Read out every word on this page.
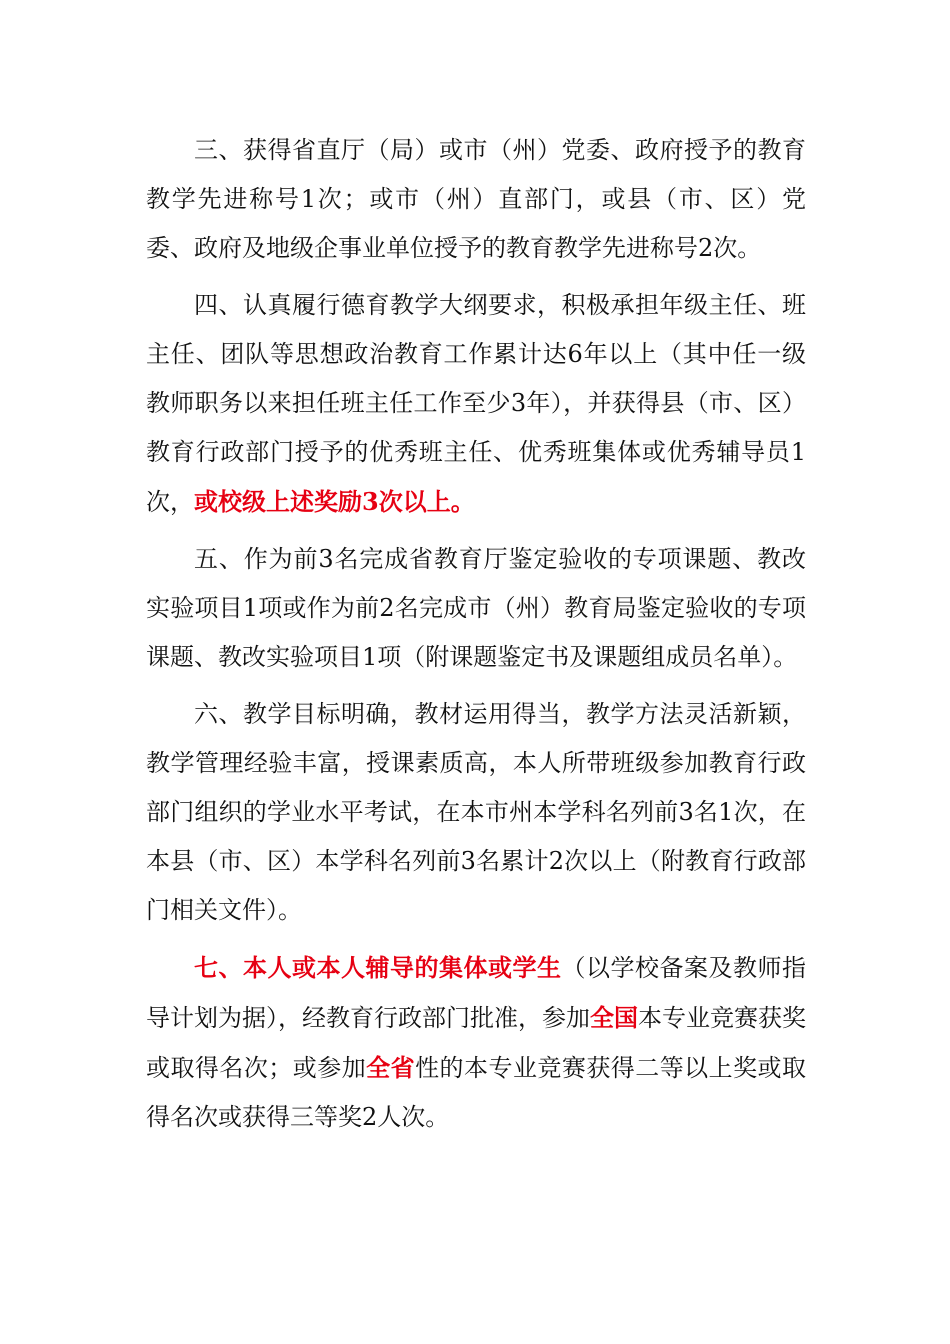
三、获得省直厅（局）或市（州）党委、政府授予的教育教学先进称号1次；或市（州）直部门，或县（市、区）党委、政府及地级企事业单位授予的教育教学先进称号2次。

四、认真履行德育教学大纲要求，积极承担年级主任、班主任、团队等思想政治教育工作累计达6年以上（其中任一级教师职务以来担任班主任工作至少3年），并获得县（市、区）教育行政部门授予的优秀班主任、优秀班集体或优秀辅导员1次，或校级上述奖励3次以上。

五、作为前3名完成省教育厅鉴定验收的专项课题、教改实验项目1项或作为前2名完成市（州）教育局鉴定验收的专项课题、教改实验项目1项（附课题鉴定书及课题组成员名单）。

六、教学目标明确，教材运用得当，教学方法灵活新颖，教学管理经验丰富，授课素质高，本人所带班级参加教育行政部门组织的学业水平考试，在本市州本学科名列前3名1次，在本县（市、区）本学科名列前3名累计2次以上（附教育行政部门相关文件）。

七、本人或本人辅导的集体或学生（以学校备案及教师指导计划为据），经教育行政部门批准，参加全国本专业竞赛获奖或取得名次；或参加全省性的本专业竞赛获得二等以上奖或取得名次或获得三等奖2人次。
